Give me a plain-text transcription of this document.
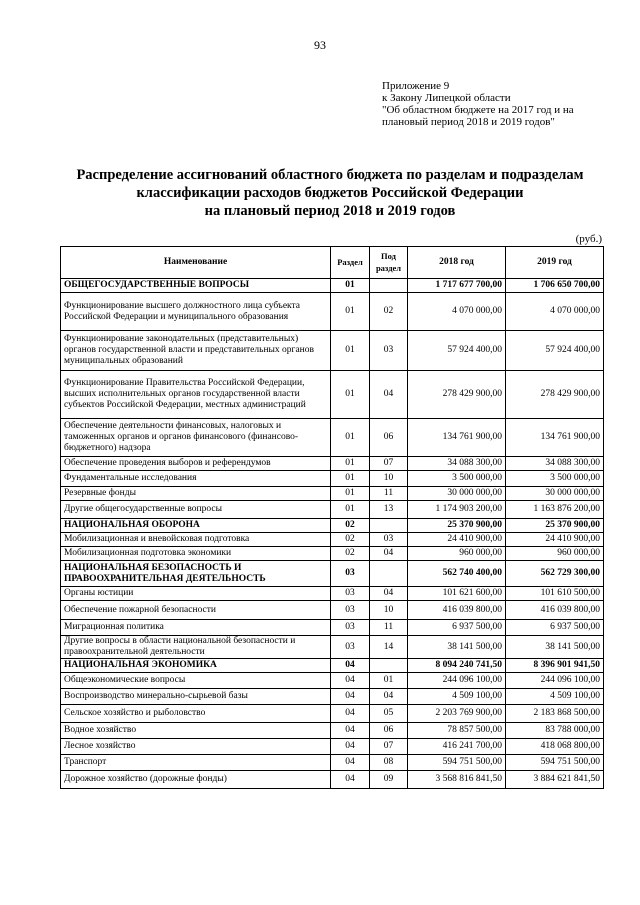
93
Приложение 9
к Закону Липецкой области
"Об областном бюджете на 2017 год и на
плановый период 2018 и 2019 годов"
Распределение ассигнований областного бюджета по разделам и подразделам
классификации расходов бюджетов Российской Федерации
на плановый период 2018 и 2019 годов
(руб.)
Наименование	Раздел	Под раздел	2018 год	2019 год
ОБЩЕГОСУДАРСТВЕННЫЕ ВОПРОСЫ	01		1 717 677 700,00	1 706 650 700,00
Функционирование высшего должностного лица субъекта Российской Федерации и муниципального образования	01	02	4 070 000,00	4 070 000,00
Функционирование законодательных (представительных) органов государственной власти и представительных органов муниципальных образований	01	03	57 924 400,00	57 924 400,00
Функционирование Правительства Российской Федерации, высших исполнительных органов государственной власти субъектов Российской Федерации, местных администраций	01	04	278 429 900,00	278 429 900,00
Обеспечение деятельности финансовых, налоговых и таможенных органов и органов финансового (финансово-бюджетного) надзора	01	06	134 761 900,00	134 761 900,00
Обеспечение проведения выборов и референдумов	01	07	34 088 300,00	34 088 300,00
Фундаментальные исследования	01	10	3 500 000,00	3 500 000,00
Резервные фонды	01	11	30 000 000,00	30 000 000,00
Другие общегосударственные вопросы	01	13	1 174 903 200,00	1 163 876 200,00
НАЦИОНАЛЬНАЯ ОБОРОНА	02		25 370 900,00	25 370 900,00
Мобилизационная и вневойсковая подготовка	02	03	24 410 900,00	24 410 900,00
Мобилизационная подготовка экономики	02	04	960 000,00	960 000,00
НАЦИОНАЛЬНАЯ БЕЗОПАСНОСТЬ И ПРАВООХРАНИТЕЛЬНАЯ ДЕЯТЕЛЬНОСТЬ	03		562 740 400,00	562 729 300,00
Органы юстиции	03	04	101 621 600,00	101 610 500,00
Обеспечение пожарной безопасности	03	10	416 039 800,00	416 039 800,00
Миграционная политика	03	11	6 937 500,00	6 937 500,00
Другие вопросы в области национальной безопасности и правоохранительной деятельности	03	14	38 141 500,00	38 141 500,00
НАЦИОНАЛЬНАЯ ЭКОНОМИКА	04		8 094 240 741,50	8 396 901 941,50
Общеэкономические вопросы	04	01	244 096 100,00	244 096 100,00
Воспроизводство минерально-сырьевой базы	04	04	4 509 100,00	4 509 100,00
Сельское хозяйство и рыболовство	04	05	2 203 769 900,00	2 183 868 500,00
Водное хозяйство	04	06	78 857 500,00	83 788 000,00
Лесное хозяйство	04	07	416 241 700,00	418 068 800,00
Транспорт	04	08	594 751 500,00	594 751 500,00
Дорожное хозяйство (дорожные фонды)	04	09	3 568 816 841,50	3 884 621 841,50
